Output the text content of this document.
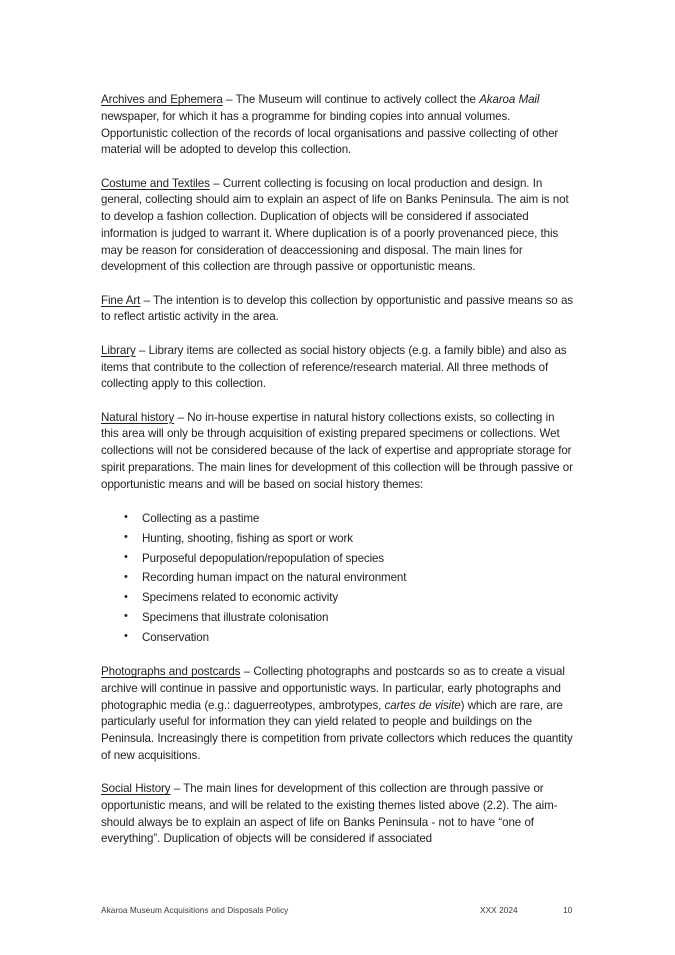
Archives and Ephemera – The Museum will continue to actively collect the Akaroa Mail newspaper, for which it has a programme for binding copies into annual volumes. Opportunistic collection of the records of local organisations and passive collecting of other material will be adopted to develop this collection.

Costume and Textiles – Current collecting is focusing on local production and design. In general, collecting should aim to explain an aspect of life on Banks Peninsula. The aim is not to develop a fashion collection. Duplication of objects will be considered if associated information is judged to warrant it. Where duplication is of a poorly provenanced piece, this may be reason for consideration of deaccessioning and disposal. The main lines for development of this collection are through passive or opportunistic means.

Fine Art – The intention is to develop this collection by opportunistic and passive means so as to reflect artistic activity in the area.

Library – Library items are collected as social history objects (e.g. a family bible) and also as items that contribute to the collection of reference/research material. All three methods of collecting apply to this collection.

Natural history – No in-house expertise in natural history collections exists, so collecting in this area will only be through acquisition of existing prepared specimens or collections. Wet collections will not be considered because of the lack of expertise and appropriate storage for spirit preparations. The main lines for development of this collection will be through passive or opportunistic means and will be based on social history themes:

• Collecting as a pastime
• Hunting, shooting, fishing as sport or work
• Purposeful depopulation/repopulation of species
• Recording human impact on the natural environment
• Specimens related to economic activity
• Specimens that illustrate colonisation
• Conservation

Photographs and postcards – Collecting photographs and postcards so as to create a visual archive will continue in passive and opportunistic ways. In particular, early photographs and photographic media (e.g.: daguerreotypes, ambrotypes, cartes de visite) which are rare, are particularly useful for information they can yield related to people and buildings on the Peninsula. Increasingly there is competition from private collectors which reduces the quantity of new acquisitions.

Social History – The main lines for development of this collection are through passive or opportunistic means, and will be related to the existing themes listed above (2.2). The aim-should always be to explain an aspect of life on Banks Peninsula - not to have “one of everything”. Duplication of objects will be considered if associated

Akaroa Museum Acquisitions and Disposals Policy	XXX 2024	10
